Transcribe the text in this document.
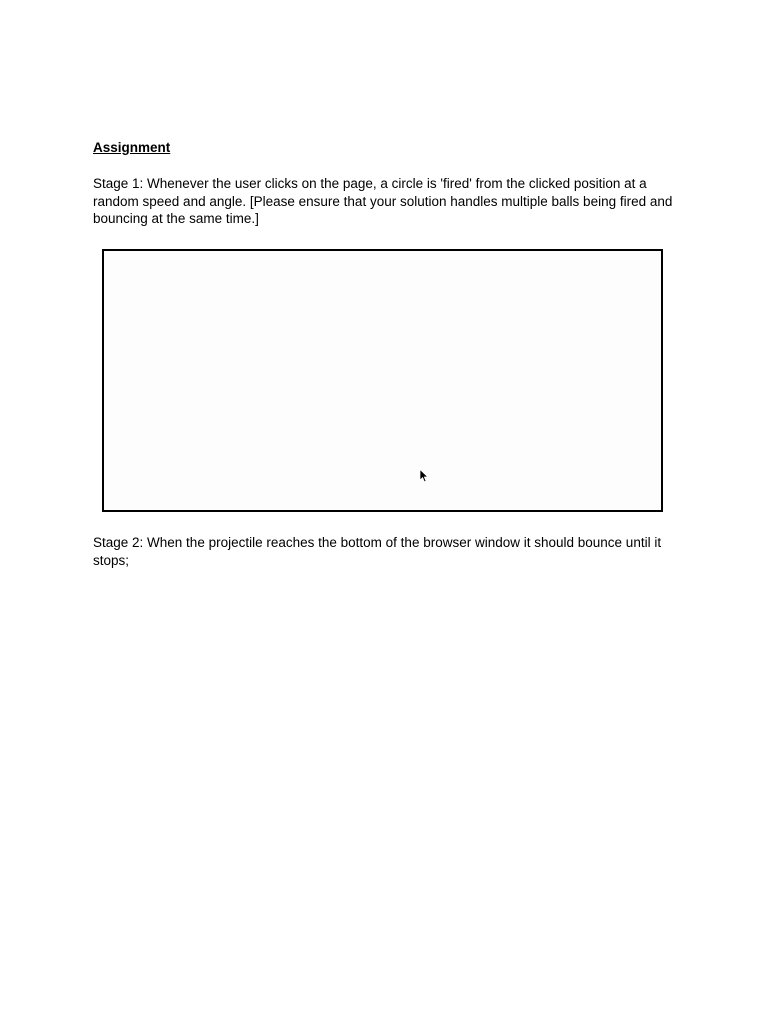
Assignment

Stage 1: Whenever the user clicks on the page, a circle is 'fired' from the clicked position at a random speed and angle. [Please ensure that your solution handles multiple balls being fired and bouncing at the same time.]

Stage 2: When the projectile reaches the bottom of the browser window it should bounce until it stops;
